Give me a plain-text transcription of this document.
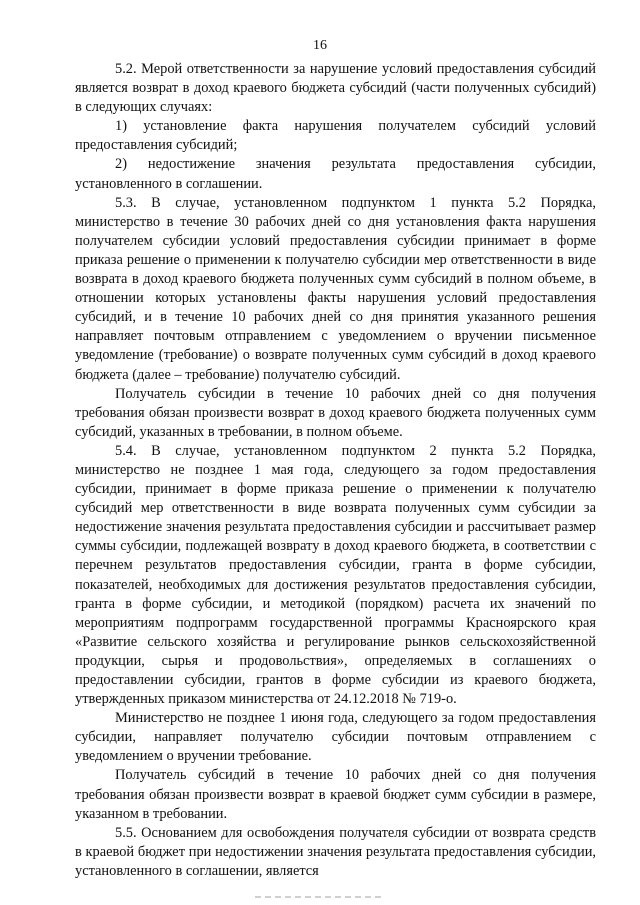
16

5.2. Мерой ответственности за нарушение условий предоставления субсидий является возврат в доход краевого бюджета субсидий (части полученных субсидий) в следующих случаях:

1) установление факта нарушения получателем субсидий условий предоставления субсидий;

2) недостижение значения результата предоставления субсидии, установленного в соглашении.

5.3. В случае, установленном подпунктом 1 пункта 5.2 Порядка, министерство в течение 30 рабочих дней со дня установления факта нарушения получателем субсидии условий предоставления субсидии принимает в форме приказа решение о применении к получателю субсидии мер ответственности в виде возврата в доход краевого бюджета полученных сумм субсидий в полном объеме, в отношении которых установлены факты нарушения условий предоставления субсидий, и в течение 10 рабочих дней со дня принятия указанного решения направляет почтовым отправлением с уведомлением о вручении письменное уведомление (требование) о возврате полученных сумм субсидий в доход краевого бюджета (далее – требование) получателю субсидий.

Получатель субсидии в течение 10 рабочих дней со дня получения требования обязан произвести возврат в доход краевого бюджета полученных сумм субсидий, указанных в требовании, в полном объеме.

5.4. В случае, установленном подпунктом 2 пункта 5.2 Порядка, министерство не позднее 1 мая года, следующего за годом предоставления субсидии, принимает в форме приказа решение о применении к получателю субсидий мер ответственности в виде возврата полученных сумм субсидии за недостижение значения результата предоставления субсидии и рассчитывает размер суммы субсидии, подлежащей возврату в доход краевого бюджета, в соответствии с перечнем результатов предоставления субсидии, гранта в форме субсидии, показателей, необходимых для достижения результатов предоставления субсидии, гранта в форме субсидии, и методикой (порядком) расчета их значений по мероприятиям подпрограмм государственной программы Красноярского края «Развитие сельского хозяйства и регулирование рынков сельскохозяйственной продукции, сырья и продовольствия», определяемых в соглашениях о предоставлении субсидии, грантов в форме субсидии из краевого бюджета, утвержденных приказом министерства от 24.12.2018 № 719-о.

Министерство не позднее 1 июня года, следующего за годом предоставления субсидии, направляет получателю субсидии почтовым отправлением с уведомлением о вручении требование.

Получатель субсидий в течение 10 рабочих дней со дня получения требования обязан произвести возврат в краевой бюджет сумм субсидии в размере, указанном в требовании.

5.5. Основанием для освобождения получателя субсидии от возврата средств в краевой бюджет при недостижении значения результата предоставления субсидии, установленного в соглашении, является
